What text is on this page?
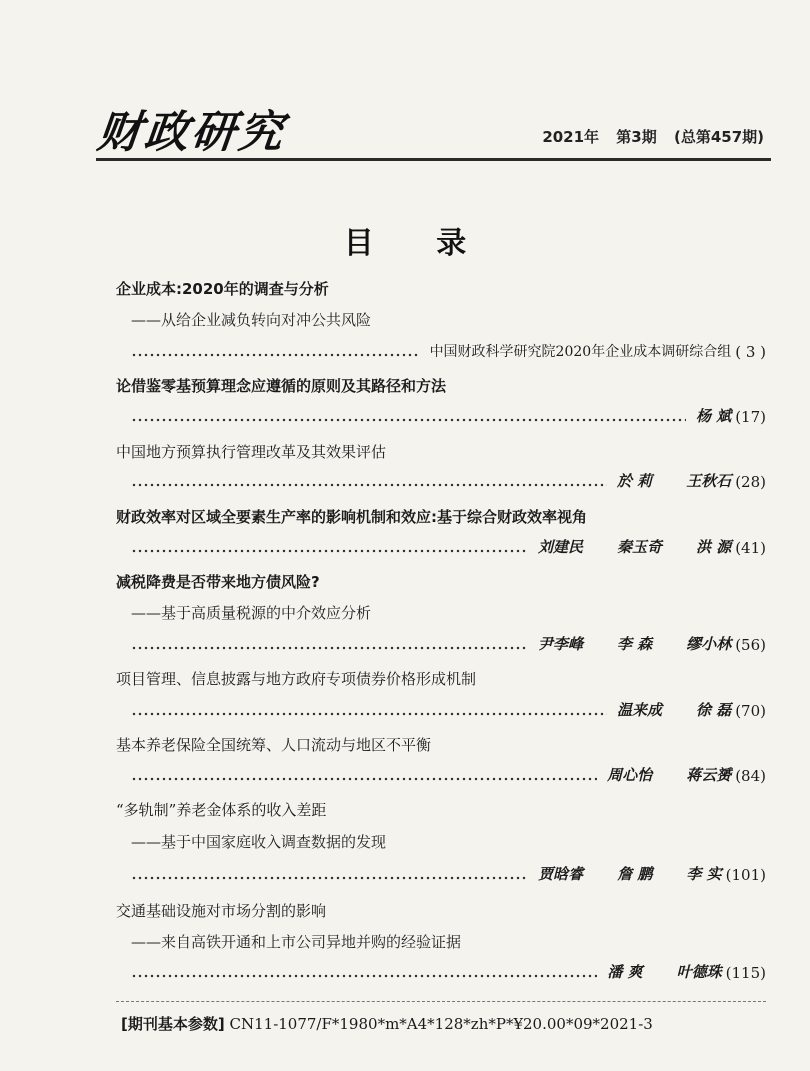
财政研究	2021年 第3期 (总第457期)
目 录
企业成本:2020年的调查与分析
——从给企业减负转向对冲公共风险
中国财政科学研究院2020年企业成本调研综合组 ( 3 )
论借鉴零基预算理念应遵循的原则及其路径和方法
杨 斌 (17)
中国地方预算执行管理改革及其效果评估
於 莉 王秋石 (28)
财政效率对区域全要素生产率的影响机制和效应:基于综合财政效率视角
刘建民 秦玉奇 洪 源 (41)
减税降费是否带来地方债风险?
——基于高质量税源的中介效应分析
尹李峰 李 森 缪小林 (56)
项目管理、信息披露与地方政府专项债券价格形成机制
温来成 徐 磊 (70)
基本养老保险全国统筹、人口流动与地区不平衡
周心怡 蒋云赟 (84)
“多轨制”养老金体系的收入差距
——基于中国家庭收入调查数据的发现
贾晗睿 詹 鹏 李 实 (101)
交通基础设施对市场分割的影响
——来自高铁开通和上市公司异地并购的经验证据
潘 爽 叶德珠 (115)
[期刊基本参数] CN11-1077/F*1980*m*A4*128*zh*P*¥20.00*09*2021-3
